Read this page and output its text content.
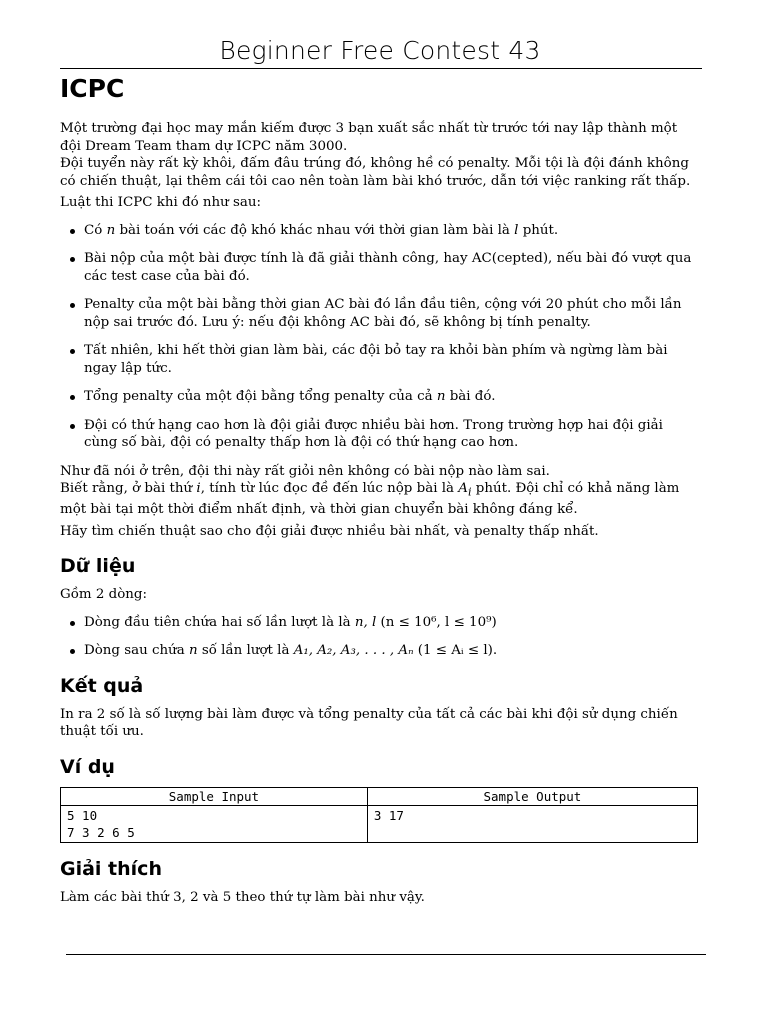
Beginner Free Contest 43
ICPC

Một trường đại học may mắn kiếm được 3 bạn xuất sắc nhất từ trước tới nay lập thành một đội Dream Team tham dự ICPC năm 3000.

Đội tuyển này rất kỳ khôi, đấm đâu trúng đó, không hề có penalty. Mỗi tội là đội đánh không có chiến thuật, lại thêm cái tôi cao nên toàn làm bài khó trước, dẫn tới việc ranking rất thấp.

Luật thi ICPC khi đó như sau:

Có n bài toán với các độ khó khác nhau với thời gian làm bài là l phút.
Bài nộp của một bài được tính là đã giải thành công, hay AC(cepted), nếu bài đó vượt qua các test case của bài đó.
Penalty của một bài bằng thời gian AC bài đó lần đầu tiên, cộng với 20 phút cho mỗi lần nộp sai trước đó. Lưu ý: nếu đội không AC bài đó, sẽ không bị tính penalty.
Tất nhiên, khi hết thời gian làm bài, các đội bỏ tay ra khỏi bàn phím và ngừng làm bài ngay lập tức.
Tổng penalty của một đội bằng tổng penalty của cả n bài đó.
Đội có thứ hạng cao hơn là đội giải được nhiều bài hơn. Trong trường hợp hai đội giải cùng số bài, đội có penalty thấp hơn là đội có thứ hạng cao hơn.

Như đã nói ở trên, đội thi này rất giỏi nên không có bài nộp nào làm sai.

Biết rằng, ở bài thứ i, tính từ lúc đọc đề đến lúc nộp bài là $A_i$ phút. Đội chỉ có khả năng làm một bài tại một thời điểm nhất định, và thời gian chuyển bài không đáng kể.

Hãy tìm chiến thuật sao cho đội giải được nhiều bài nhất, và penalty thấp nhất.

Dữ liệu

Gồm 2 dòng:

Dòng đầu tiên chứa hai số lần lượt là là n, l (n ≤ 10⁶, l ≤ 10⁹)
Dòng sau chứa n số lần lượt là A₁, A₂, A₃, . . . , Aₙ (1 ≤ Aᵢ ≤ l).
Kết quả

In ra 2 số là số lượng bài làm được và tổng penalty của tất cả các bài khi đội sử dụng chiến thuật tối ưu.

Ví dụ
Sample Input	Sample Output
5 10
7 3 2 6 5	3 17
Giải thích

Làm các bài thứ 3, 2 và 5 theo thứ tự làm bài như vậy.
